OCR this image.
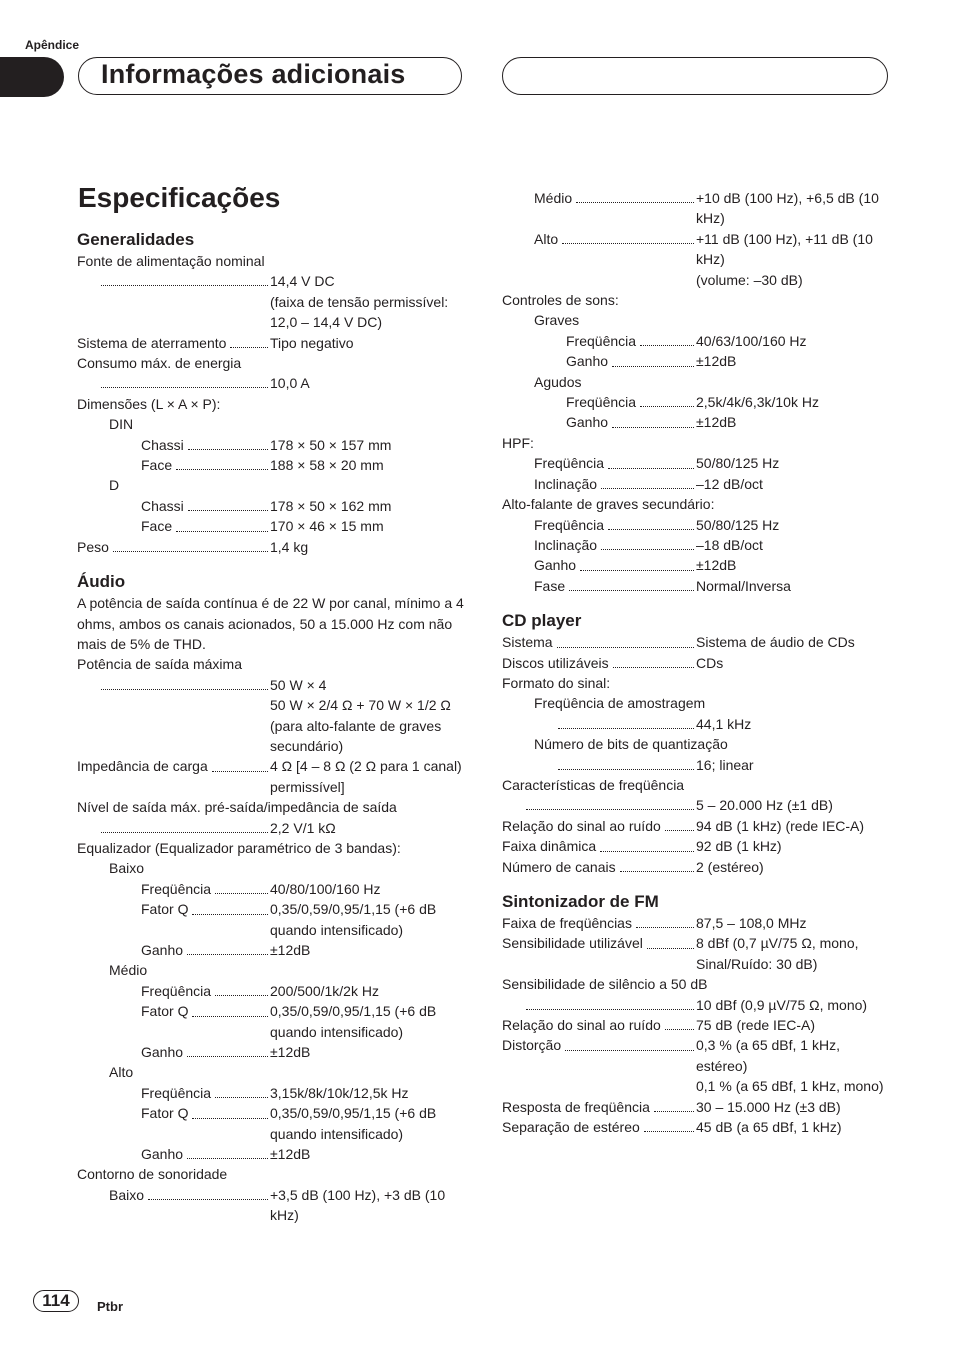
Apêndice
Informações adicionais
Especificações
Generalidades
Fonte de alimentação nominal
14,4 V DC
(faixa de tensão permissível:
12,0 – 14,4 V DC)
Sistema de aterramento	Tipo negativo
Consumo máx. de energia
10,0 A
Dimensões (L × A × P):
DIN
Chassi	178 × 50 × 157 mm
Face	188 × 58 × 20 mm
D
Chassi	178 × 50 × 162 mm
Face	170 × 46 × 15 mm
Peso	1,4 kg
Áudio
A potência de saída contínua é de 22 W por canal, mínimo a 4 ohms, ambos os canais acionados, 50 a 15.000 Hz com não mais de 5% de THD.
Potência de saída máxima
50 W × 4
50 W × 2/4 Ω + 70 W × 1/2 Ω (para alto-falante de graves secundário)
Impedância de carga	4 Ω [4 – 8 Ω (2 Ω para 1 canal) permissível]
Nível de saída máx. pré-saída/impedância de saída
2,2 V/1 kΩ
Equalizador (Equalizador paramétrico de 3 bandas):
Baixo
Freqüência	40/80/100/160 Hz
Fator Q	0,35/0,59/0,95/1,15 (+6 dB quando intensificado)
Ganho	±12dB
Médio
Freqüência	200/500/1k/2k Hz
Fator Q	0,35/0,59/0,95/1,15 (+6 dB quando intensificado)
Ganho	±12dB
Alto
Freqüência	3,15k/8k/10k/12,5k Hz
Fator Q	0,35/0,59/0,95/1,15 (+6 dB quando intensificado)
Ganho	±12dB
Contorno de sonoridade
Baixo	+3,5 dB (100 Hz), +3 dB (10 kHz)
Médio	+10 dB (100 Hz), +6,5 dB (10 kHz)
Alto	+11 dB (100 Hz), +11 dB (10 kHz)
(volume: –30 dB)
Controles de sons:
Graves
Freqüência	40/63/100/160 Hz
Ganho	±12dB
Agudos
Freqüência	2,5k/4k/6,3k/10k Hz
Ganho	±12dB
HPF:
Freqüência	50/80/125 Hz
Inclinação	–12 dB/oct
Alto-falante de graves secundário:
Freqüência	50/80/125 Hz
Inclinação	–18 dB/oct
Ganho	±12dB
Fase	Normal/Inversa
CD player
Sistema	Sistema de áudio de CDs
Discos utilizáveis	CDs
Formato do sinal:
Freqüência de amostragem
44,1 kHz
Número de bits de quantização
16; linear
Características de freqüência
5 – 20.000 Hz (±1 dB)
Relação do sinal ao ruído	94 dB (1 kHz) (rede IEC-A)
Faixa dinâmica	92 dB (1 kHz)
Número de canais	2 (estéreo)
Sintonizador de FM
Faixa de freqüências	87,5 – 108,0 MHz
Sensibilidade utilizável	8 dBf (0,7 µV/75 Ω, mono, Sinal/Ruído: 30 dB)
Sensibilidade de silêncio a 50 dB
10 dBf (0,9 µV/75 Ω, mono)
Relação do sinal ao ruído	75 dB (rede IEC-A)
Distorção	0,3 % (a 65 dBf, 1 kHz, estéreo)
0,1 % (a 65 dBf, 1 kHz, mono)
Resposta de freqüência	30 – 15.000 Hz (±3 dB)
Separação de estéreo	45 dB (a 65 dBf, 1 kHz)
114	Ptbr
